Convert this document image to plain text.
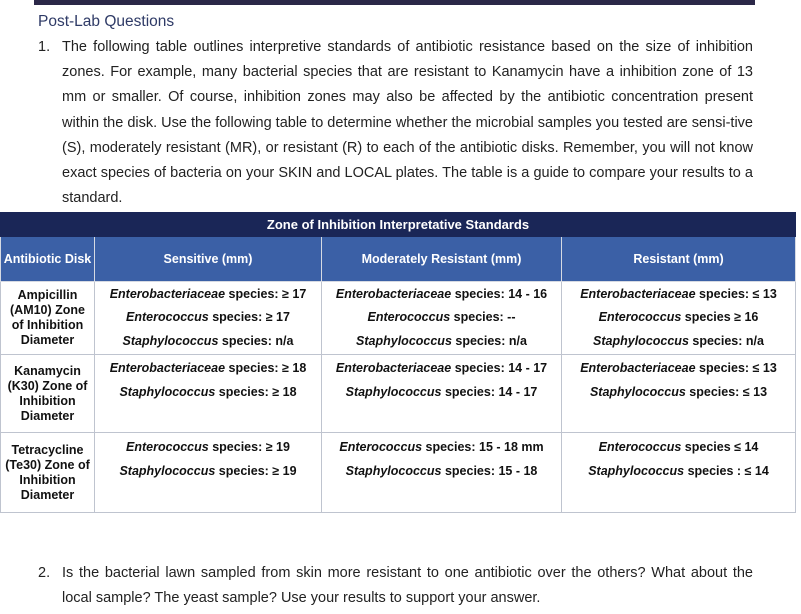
Post-Lab Questions
1. The following table outlines interpretive standards of antibiotic resistance based on the size of inhibition zones. For example, many bacterial species that are resistant to Kanamycin have a inhibition zone of 13 mm or smaller. Of course, inhibition zones may also be affected by the antibiotic concentration present within the disk. Use the following table to determine whether the microbial samples you tested are sensi-tive (S), moderately resistant (MR), or resistant (R) to each of the antibiotic disks. Remember, you will not know exact species of bacteria on your SKIN and LOCAL plates. The table is a guide to compare your results to a standard.
Zone of Inhibition Interpretative Standards			
Antibiotic Disk	Sensitive (mm)	Moderately Resistant (mm)	Resistant (mm)
Ampicillin (AM10) Zone of Inhibition Diameter	Enterobacteriaceae species: ≥ 17
Enterococcus species: ≥ 17
Staphylococcus species: n/a	Enterobacteriaceae species: 14 - 16
Enterococcus species: --
Staphylococcus species: n/a	Enterobacteriaceae species: ≤ 13
Enterococcus species ≥ 16
Staphylococcus species: n/a

Kanamycin (K30) Zone of Inhibition Diameter	Enterobacteriaceae species: ≥ 18
Staphylococcus species: ≥ 18	Enterobacteriaceae species: 14 - 17
Staphylococcus species: 14 - 17	Enterobacteriaceae species: ≤ 13
Staphylococcus species: ≤ 13

Tetracycline (Te30) Zone of Inhibition Diameter	Enterococcus species: ≥ 19
Staphylococcus species: ≥ 19	Enterococcus species: 15 - 18 mm
Staphylococcus species: 15 - 18	Enterococcus species ≤ 14
Staphylococcus species : ≤ 14
2. Is the bacterial lawn sampled from skin more resistant to one antibiotic over the others? What about the local sample? The yeast sample? Use your results to support your answer.
